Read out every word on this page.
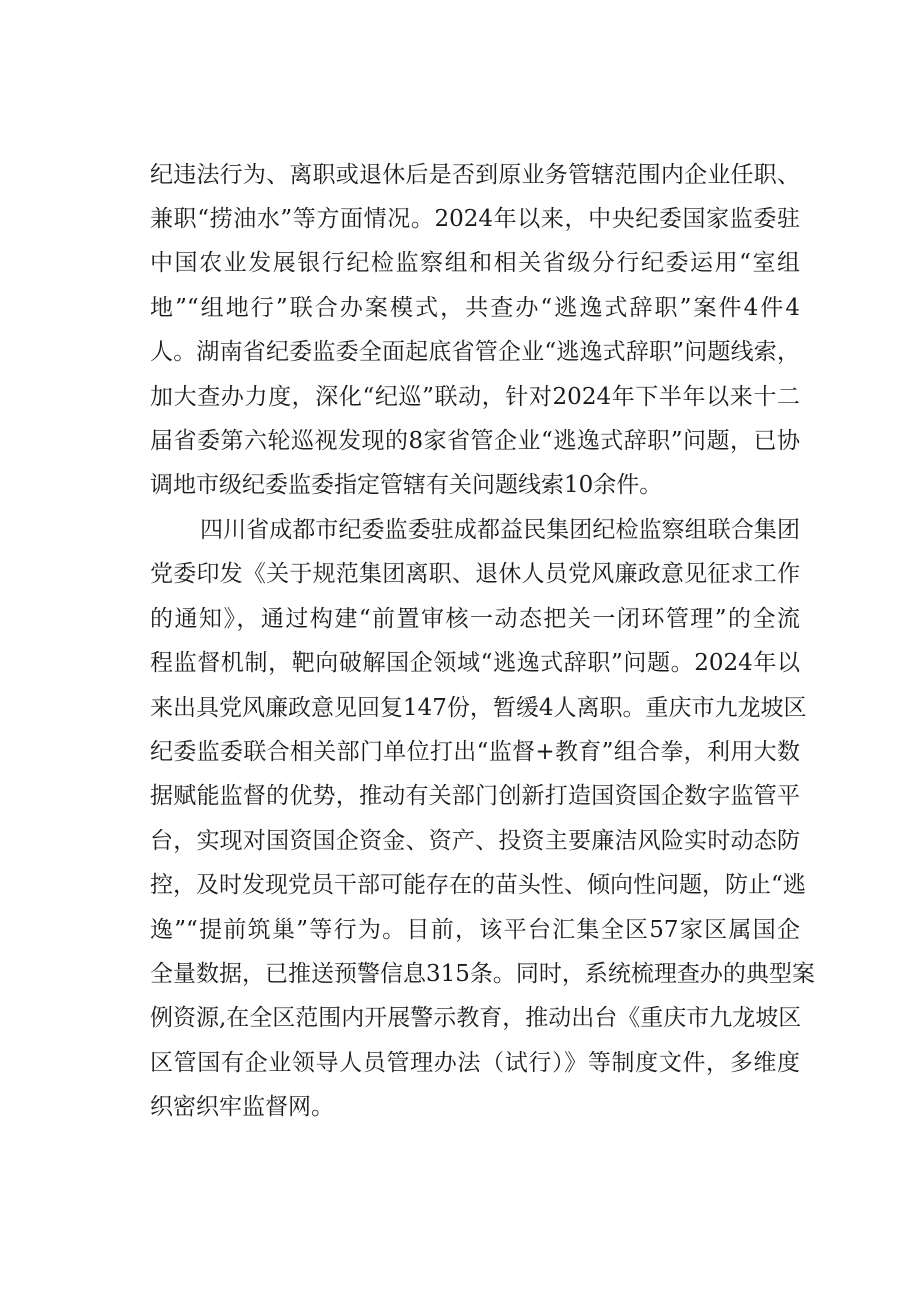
纪违法行为、离职或退休后是否到原业务管辖范围内企业任职、
兼职“捞油水”等方面情况。2024年以来，中央纪委国家监委驻
中国农业发展银行纪检监察组和相关省级分行纪委运用“室组
地”“组地行”联合办案模式，共查办“逃逸式辞职”案件4件4
人。湖南省纪委监委全面起底省管企业“逃逸式辞职”问题线索，
加大查办力度，深化“纪巡”联动，针对2024年下半年以来十二
届省委第六轮巡视发现的8家省管企业“逃逸式辞职”问题，已协
调地市级纪委监委指定管辖有关问题线索10余件。
四川省成都市纪委监委驻成都益民集团纪检监察组联合集团
党委印发《关于规范集团离职、退休人员党风廉政意见征求工作
的通知》，通过构建“前置审核一动态把关一闭环管理”的全流
程监督机制，靶向破解国企领域“逃逸式辞职”问题。2024年以
来出具党风廉政意见回复147份，暂缓4人离职。重庆市九龙坡区
纪委监委联合相关部门单位打出“监督+教育”组合拳，利用大数
据赋能监督的优势，推动有关部门创新打造国资国企数字监管平
台，实现对国资国企资金、资产、投资主要廉洁风险实时动态防
控，及时发现党员干部可能存在的苗头性、倾向性问题，防止“逃
逸”“提前筑巢”等行为。目前，该平台汇集全区57家区属国企
全量数据，已推送预警信息315条。同时，系统梳理查办的典型案
例资源,在全区范围内开展警示教育，推动出台《重庆市九龙坡区
区管国有企业领导人员管理办法（试行）》等制度文件，多维度
织密织牢监督网。
